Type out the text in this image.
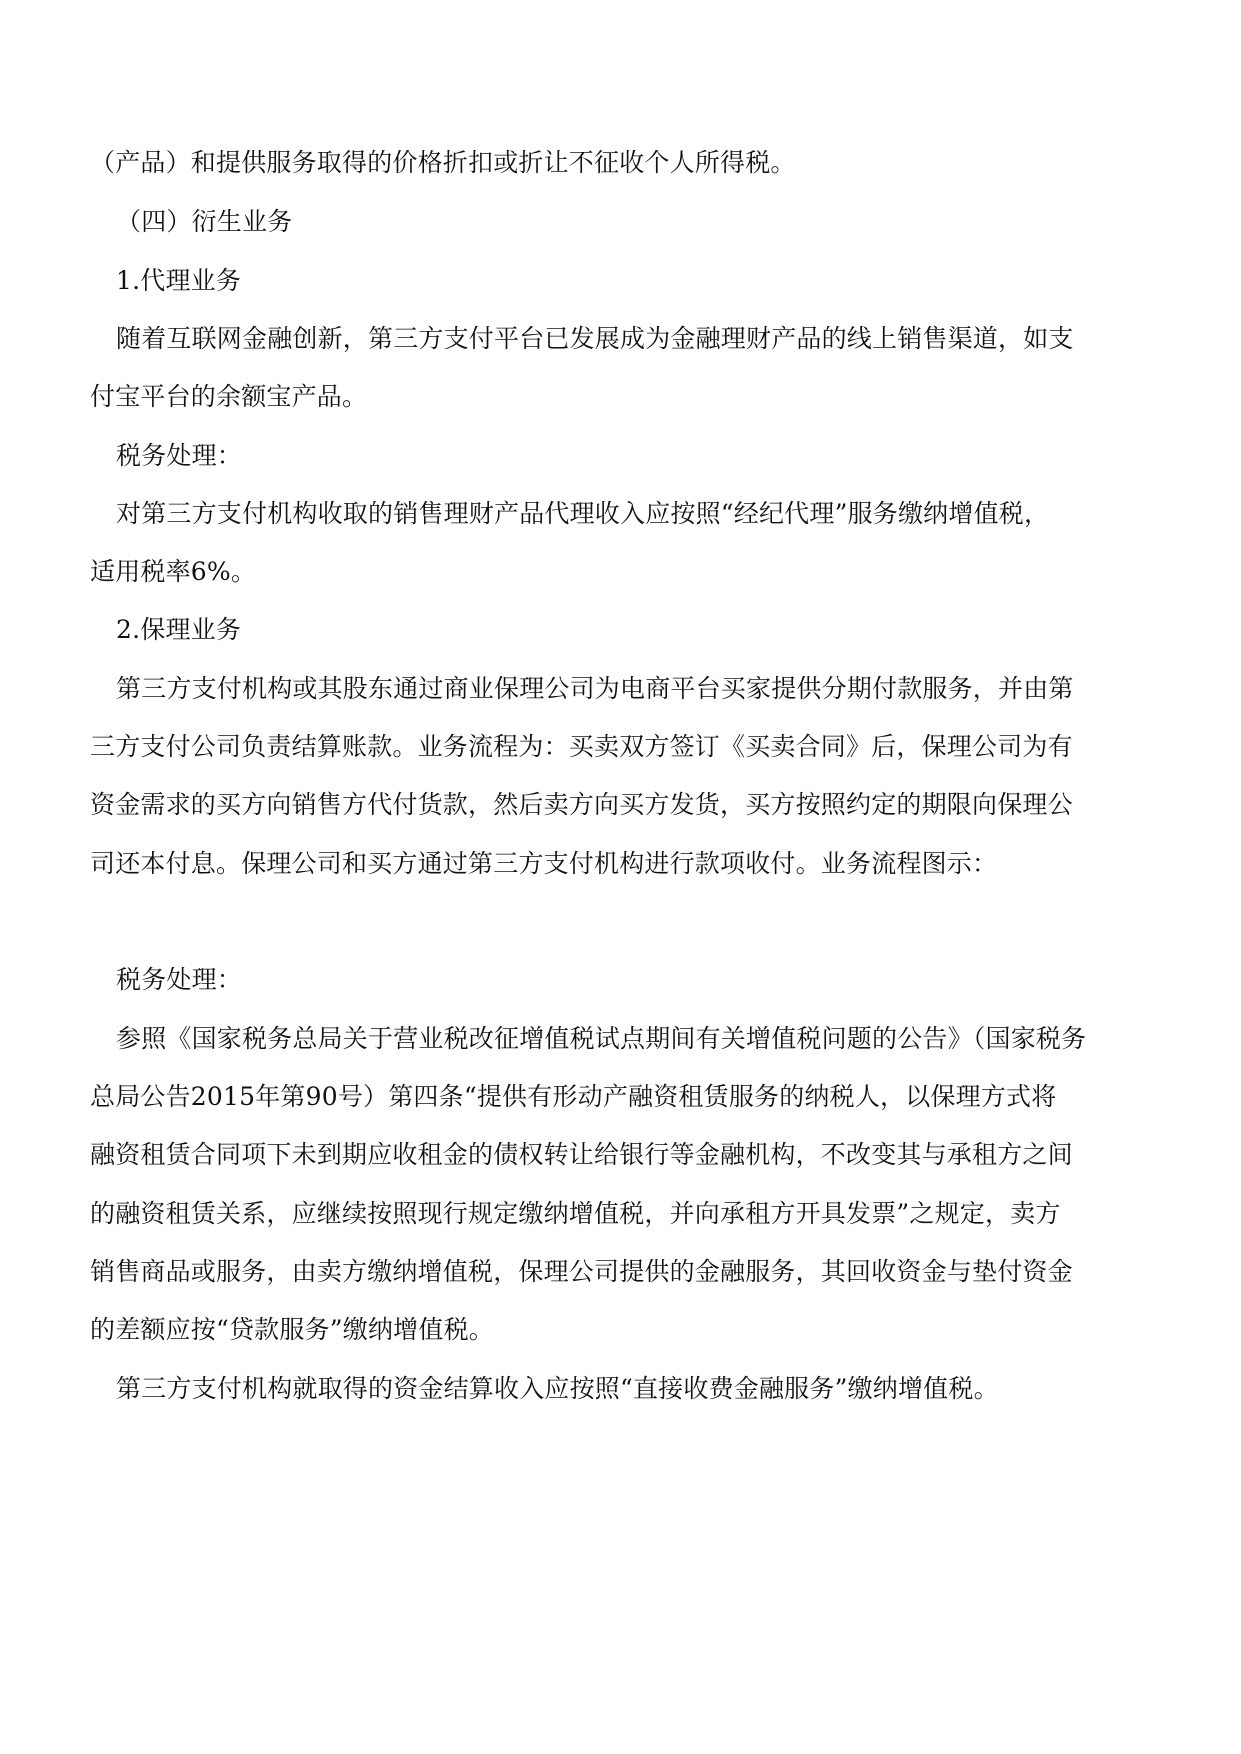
（产品）和提供服务取得的价格折扣或折让不征收个人所得税。
（四）衍生业务
1.代理业务
随着互联网金融创新，第三方支付平台已发展成为金融理财产品的线上销售渠道，如支
付宝平台的余额宝产品。
税务处理：
对第三方支付机构收取的销售理财产品代理收入应按照“经纪代理”服务缴纳增值税，
适用税率6%。
2.保理业务
第三方支付机构或其股东通过商业保理公司为电商平台买家提供分期付款服务，并由第
三方支付公司负责结算账款。业务流程为：买卖双方签订《买卖合同》后，保理公司为有
资金需求的买方向销售方代付货款，然后卖方向买方发货，买方按照约定的期限向保理公
司还本付息。保理公司和买方通过第三方支付机构进行款项收付。业务流程图示：
税务处理：
参照《国家税务总局关于营业税改征增值税试点期间有关增值税问题的公告》（国家税务
总局公告2015年第90号）第四条“提供有形动产融资租赁服务的纳税人，以保理方式将
融资租赁合同项下未到期应收租金的债权转让给银行等金融机构，不改变其与承租方之间
的融资租赁关系，应继续按照现行规定缴纳增值税，并向承租方开具发票”之规定，卖方
销售商品或服务，由卖方缴纳增值税，保理公司提供的金融服务，其回收资金与垫付资金
的差额应按“贷款服务”缴纳增值税。
第三方支付机构就取得的资金结算收入应按照“直接收费金融服务”缴纳增值税。
